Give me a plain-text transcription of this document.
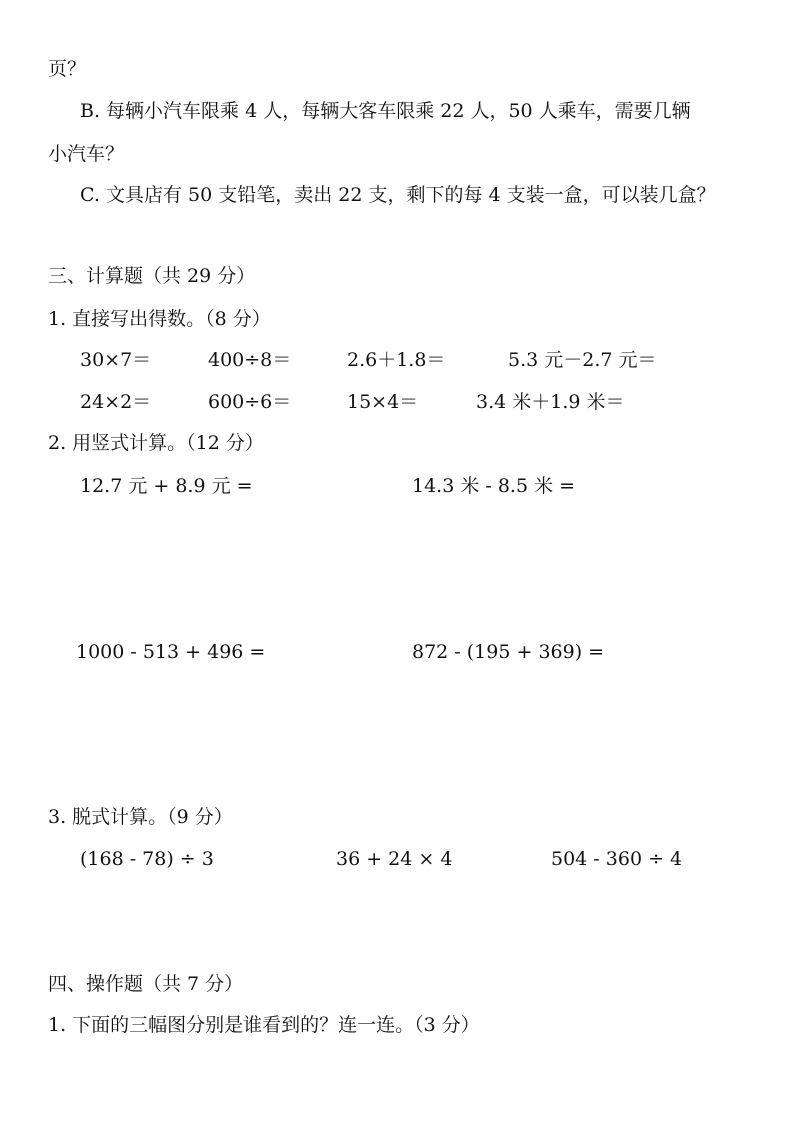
页？
B. 每辆小汽车限乘 4 人，每辆大客车限乘 22 人，50 人乘车，需要几辆
小汽车？
C. 文具店有 50 支铅笔，卖出 22 支，剩下的每 4 支装一盒，可以装几盒？
三、计算题（共 29 分）
1. 直接写出得数。（8 分）
30×7＝	400÷8＝	2.6＋1.8＝	5.3 元－2.7 元＝
24×2＝	600÷6＝	15×4＝	3.4 米＋1.9 米＝
2. 用竖式计算。（12 分）
12.7 元 + 8.9 元 =	14.3 米 - 8.5 米 =
1000 - 513 + 496 =	872 - (195 + 369) =
3. 脱式计算。（9 分）
(168 - 78) ÷ 3	36 + 24 × 4	504 - 360 ÷ 4
四、操作题（共 7 分）
1. 下面的三幅图分别是谁看到的？连一连。（3 分）
